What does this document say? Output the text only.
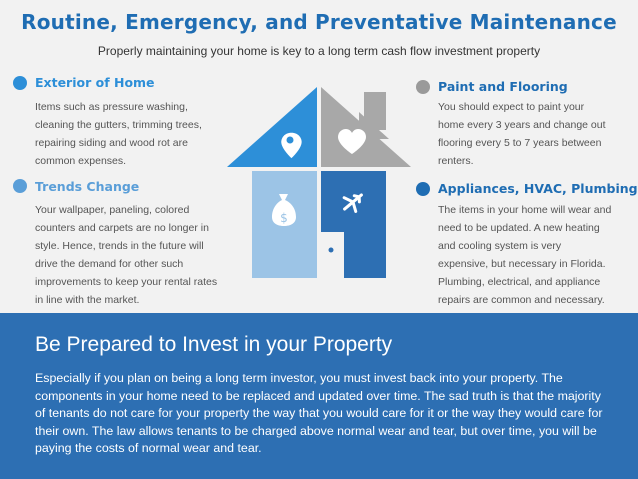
Routine, Emergency, and Preventative Maintenance
Properly maintaining your home is key to a long term cash flow investment property
Exterior of Home
Items such as pressure washing,
cleaning the gutters, trimming trees,
repairing siding and wood rot are
common expenses.
Trends Change
Your wallpaper, paneling, colored
counters and carpets are no longer in
style. Hence, trends in the future will
drive the demand for other such
improvements to keep your rental rates
in line with the market.
Paint and Flooring
You should expect to paint your
home every 3 years and change out
flooring every 5 to 7 years between
renters.
Appliances, HVAC, Plumbing
The items in your home will wear and
need to be updated. A new heating
and cooling system is very
expensive, but necessary in Florida.
Plumbing, electrical, and appliance
repairs are common and necessary.
$
Be Prepared to Invest in your Property
Especially if you plan on being a long term investor, you must invest back into your property. The components in your home need to be replaced and updated over time. The sad truth is that the majority of tenants do not care for your property the way that you would care for it or the way they would care for their own. The law allows tenants to be charged above normal wear and tear, but over time, you will be paying the costs of normal wear and tear.
